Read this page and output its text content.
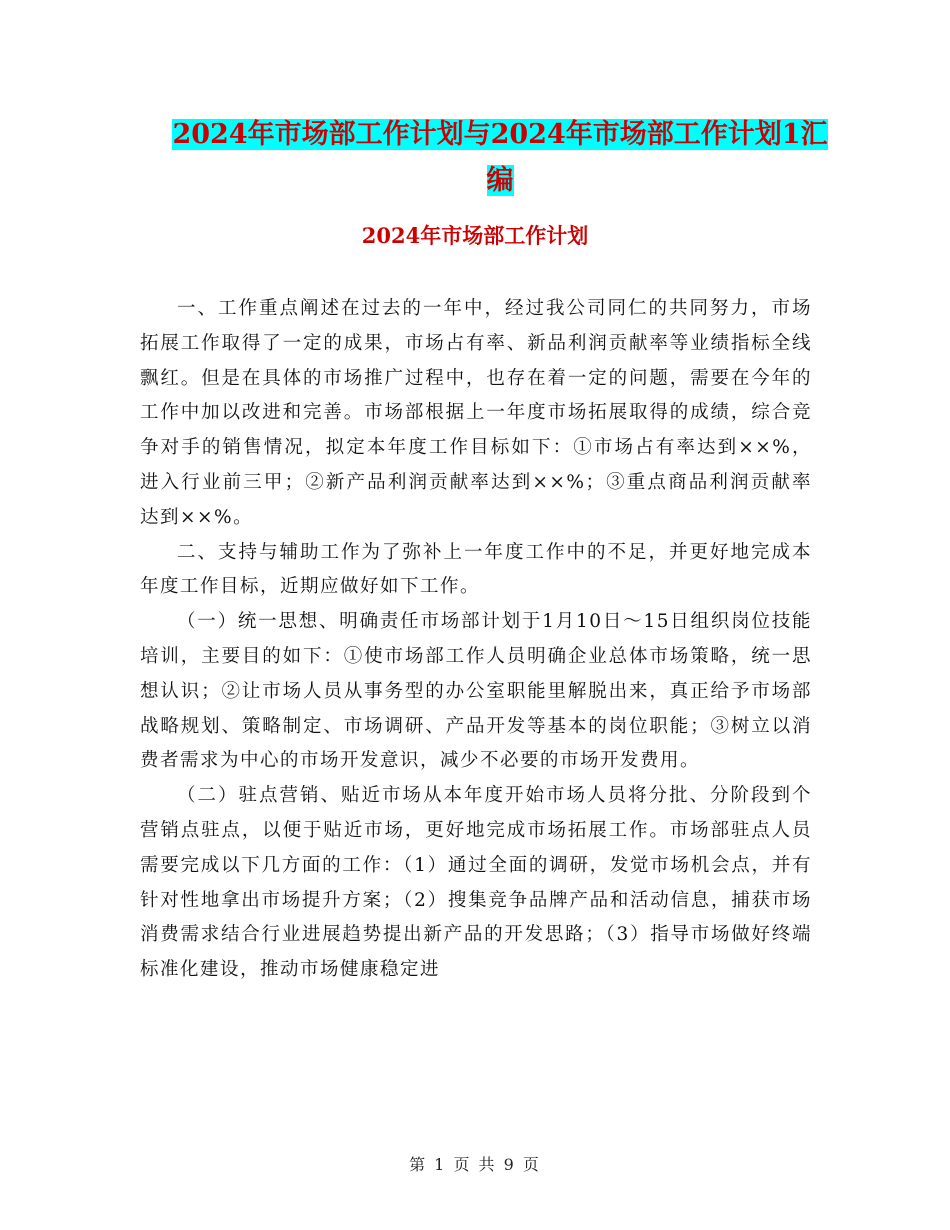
2024年市场部工作计划与2024年市场部工作计划1汇
编
2024年市场部工作计划

一、工作重点阐述在过去的一年中，经过我公司同仁的共同努力，市场拓展工作取得了一定的成果，市场占有率、新品利润贡献率等业绩指标全线飘红。但是在具体的市场推广过程中，也存在着一定的问题，需要在今年的工作中加以改进和完善。市场部根据上一年度市场拓展取得的成绩，综合竞争对手的销售情况，拟定本年度工作目标如下：①市场占有率达到××%，进入行业前三甲；②新产品利润贡献率达到××%；③重点商品利润贡献率达到××%。

二、支持与辅助工作为了弥补上一年度工作中的不足，并更好地完成本年度工作目标，近期应做好如下工作。

（一）统一思想、明确责任市场部计划于1月10日～15日组织岗位技能培训，主要目的如下：①使市场部工作人员明确企业总体市场策略，统一思想认识；②让市场人员从事务型的办公室职能里解脱出来，真正给予市场部战略规划、策略制定、市场调研、产品开发等基本的岗位职能；③树立以消费者需求为中心的市场开发意识，减少不必要的市场开发费用。

（二）驻点营销、贴近市场从本年度开始市场人员将分批、分阶段到个营销点驻点，以便于贴近市场，更好地完成市场拓展工作。市场部驻点人员需要完成以下几方面的工作：（1）通过全面的调研，发觉市场机会点，并有针对性地拿出市场提升方案；（2）搜集竞争品牌产品和活动信息，捕获市场消费需求结合行业进展趋势提出新产品的开发思路；（3）指导市场做好终端标准化建设，推动市场健康稳定进

第 1 页 共 9 页
